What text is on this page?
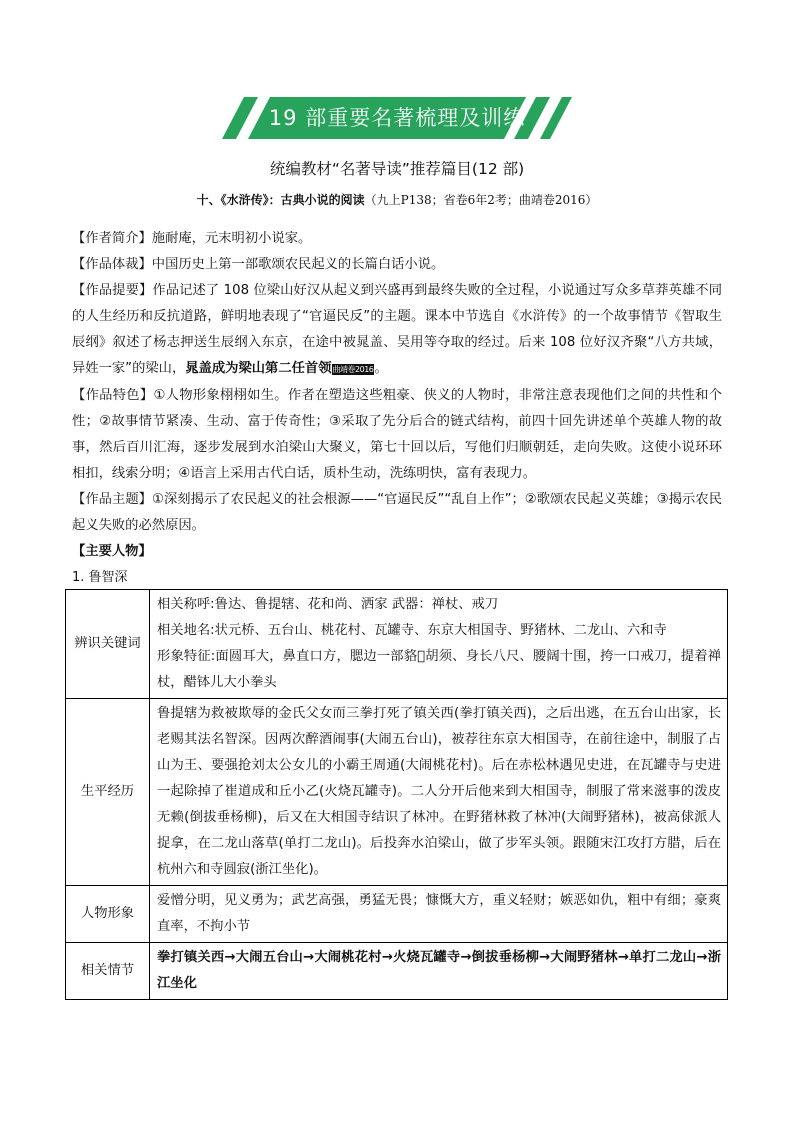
19 部重要名著梳理及训练
统编教材“名著导读”推荐篇目(12 部)
十、《水浒传》：古典小说的阅读（九上P138；省卷6年2考；曲靖卷2016）

【作者简介】施耐庵，元末明初小说家。

【作品体裁】中国历史上第一部歌颂农民起义的长篇白话小说。

【作品提要】作品记述了 108 位梁山好汉从起义到兴盛再到最终失败的全过程，小说通过写众多草莽英雄不同的人生经历和反抗道路，鲜明地表现了“官逼民反”的主题。课本中节选自《水浒传》的一个故事情节《智取生辰纲》叙述了杨志押送生辰纲入东京，在途中被晁盖、吴用等夺取的经过。后来 108 位好汉齐聚“八方共域，异姓一家”的梁山，晁盖成为梁山第二任首领曲靖卷2016。

【作品特色】①人物形象栩栩如生。作者在塑造这些粗豪、侠义的人物时，非常注意表现他们之间的共性和个性；②故事情节紧凑、生动、富于传奇性；③采取了先分后合的链式结构，前四十回先讲述单个英雄人物的故事，然后百川汇海，逐步发展到水泊梁山大聚义，第七十回以后，写他们归顺朝廷，走向失败。这使小说环环相扣，线索分明；④语言上采用古代白话，质朴生动，洗练明快，富有表现力。

【作品主题】①深刻揭示了农民起义的社会根源——“官逼民反”“乱自上作”；②歌颂农民起义英雄；③揭示农民起义失败的必然原因。

【主要人物】

1. 鲁智深
辨识关键词	相关称呼:鲁达、鲁提辖、花和尚、洒家 武器：禅杖、戒刀
相关地名:状元桥、五台山、桃花村、瓦罐寺、东京大相国寺、野猪林、二龙山、六和寺
形象特征:面圆耳大，鼻直口方，腮边一部貉𦟽胡须、身长八尺、腰阔十围，挎一口戒刀，提着禅杖，醋钵儿大小拳头

生平经历	鲁提辖为救被欺辱的金氏父女而三拳打死了镇关西(拳打镇关西)，之后出逃，在五台山出家，长老赐其法名智深。因两次醉酒闹事(大闹五台山)，被荐往东京大相国寺，在前往途中，制服了占山为王、要强抢刘太公女儿的小霸王周通(大闹桃花村)。后在赤松林遇见史进，在瓦罐寺与史进一起除掉了崔道成和丘小乙(火烧瓦罐寺)。二人分开后他来到大相国寺，制服了常来滋事的泼皮无赖(倒拔垂杨柳)，后又在大相国寺结识了林冲。在野猪林救了林冲(大闹野猪林)，被高俅派人捉拿，在二龙山落草(单打二龙山)。后投奔水泊梁山，做了步军头领。跟随宋江攻打方腊，后在杭州六和寺圆寂(浙江坐化)。
人物形象	爱憎分明，见义勇为；武艺高强，勇猛无畏；慷慨大方，重义轻财；嫉恶如仇，粗中有细；豪爽直率，不拘小节
相关情节	拳打镇关西→大闹五台山→大闹桃花村→火烧瓦罐寺→倒拔垂杨柳→大闹野猪林→单打二龙山→浙江坐化
